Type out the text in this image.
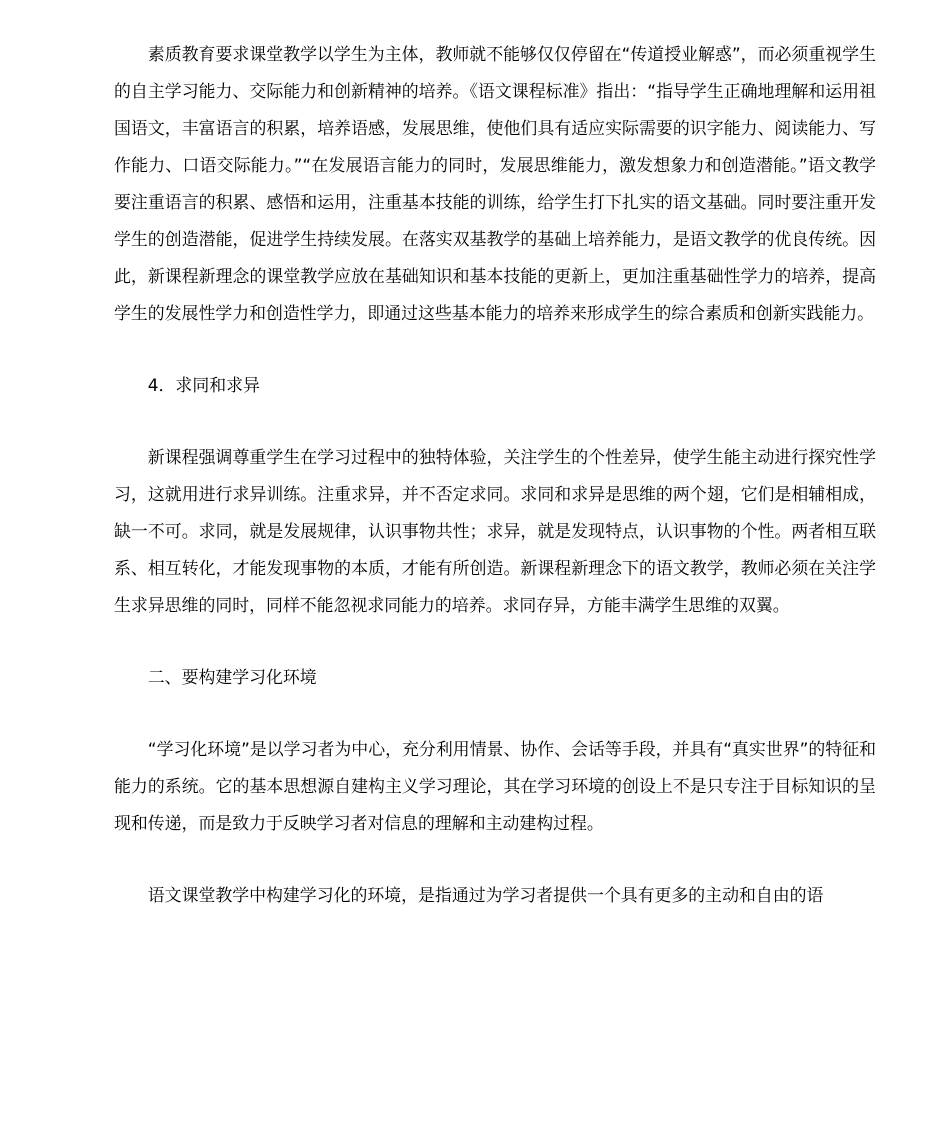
素质教育要求课堂教学以学生为主体，教师就不能够仅仅停留在“传道授业解惑”，而必须重视学生的自主学习能力、交际能力和创新精神的培养。《语文课程标准》指出：“指导学生正确地理解和运用祖国语文，丰富语言的积累，培养语感，发展思维，使他们具有适应实际需要的识字能力、阅读能力、写作能力、口语交际能力。”“在发展语言能力的同时，发展思维能力，激发想象力和创造潜能。”语文教学要注重语言的积累、感悟和运用，注重基本技能的训练，给学生打下扎实的语文基础。同时要注重开发学生的创造潜能，促进学生持续发展。在落实双基教学的基础上培养能力，是语文教学的优良传统。因此，新课程新理念的课堂教学应放在基础知识和基本技能的更新上，更加注重基础性学力的培养，提高学生的发展性学力和创造性学力，即通过这些基本能力的培养来形成学生的综合素质和创新实践能力。

4．求同和求异

新课程强调尊重学生在学习过程中的独特体验，关注学生的个性差异，使学生能主动进行探究性学习，这就用进行求异训练。注重求异，并不否定求同。求同和求异是思维的两个翅，它们是相辅相成，缺一不可。求同，就是发展规律，认识事物共性；求异，就是发现特点，认识事物的个性。两者相互联系、相互转化，才能发现事物的本质，才能有所创造。新课程新理念下的语文教学，教师必须在关注学生求异思维的同时，同样不能忽视求同能力的培养。求同存异，方能丰满学生思维的双翼。

二、要构建学习化环境

“学习化环境”是以学习者为中心，充分利用情景、协作、会话等手段，并具有“真实世界”的特征和能力的系统。它的基本思想源自建构主义学习理论，其在学习环境的创设上不是只专注于目标知识的呈现和传递，而是致力于反映学习者对信息的理解和主动建构过程。

语文课堂教学中构建学习化的环境，是指通过为学习者提供一个具有更多的主动和自由的语
